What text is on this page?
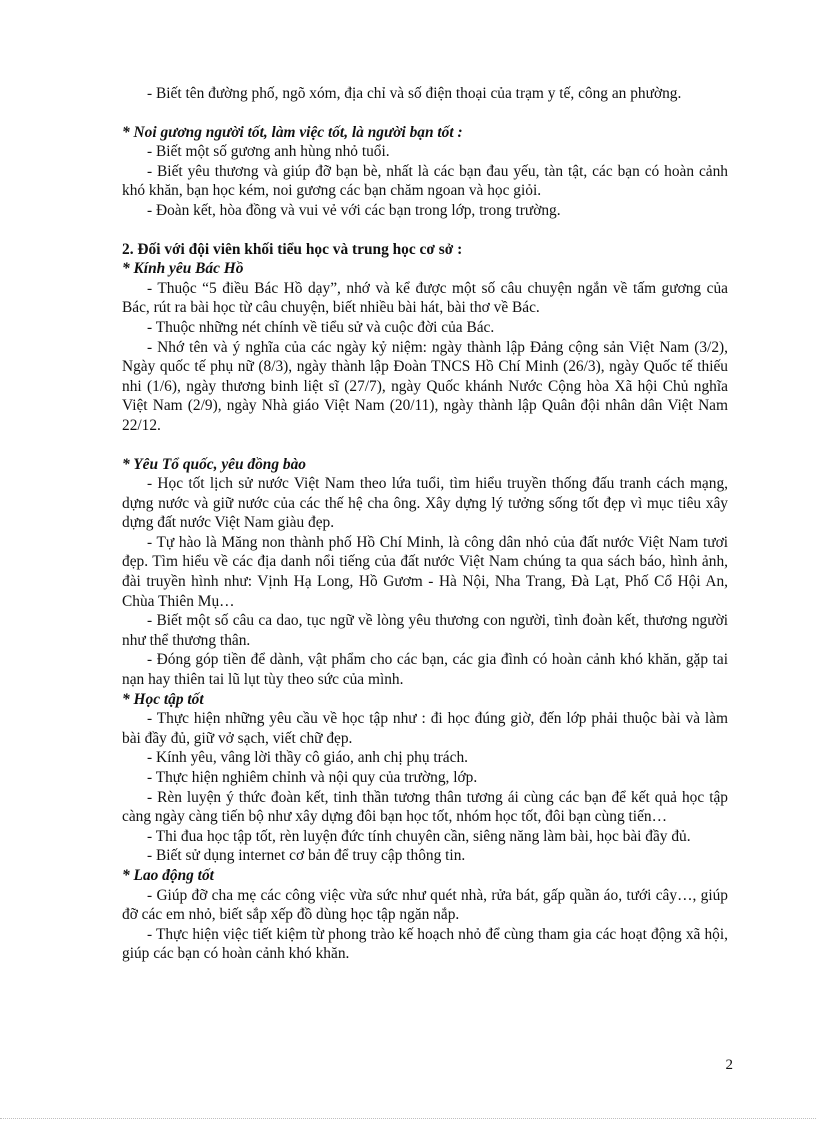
- Biết tên đường phố, ngõ xóm, địa chỉ và số điện thoại của trạm y tế, công an phường.

* Noi gương người tốt, làm việc tốt, là người bạn tốt :

- Biết một số gương anh hùng nhỏ tuổi.

- Biết yêu thương và giúp đỡ bạn bè, nhất là các bạn đau yếu, tàn tật, các bạn có hoàn cảnh khó khăn, bạn học kém, noi gương các bạn chăm ngoan và học giỏi.

- Đoàn kết, hòa đồng và vui vẻ với các bạn trong lớp, trong trường.

2. Đối với đội viên khối tiểu học và trung học cơ sở :

* Kính yêu Bác Hồ

- Thuộc “5 điều Bác Hồ dạy”, nhớ và kể được một số câu chuyện ngắn về tấm gương của Bác, rút ra bài học từ câu chuyện, biết nhiều bài hát, bài thơ về Bác.

- Thuộc những nét chính về tiểu sử và cuộc đời của Bác.

- Nhớ tên và ý nghĩa của các ngày kỷ niệm: ngày thành lập Đảng cộng sản Việt Nam (3/2), Ngày quốc tế phụ nữ (8/3), ngày thành lập Đoàn TNCS Hồ Chí Minh (26/3), ngày Quốc tế thiếu nhi (1/6), ngày thương binh liệt sĩ (27/7), ngày Quốc khánh Nước Cộng hòa Xã hội Chủ nghĩa Việt Nam (2/9), ngày Nhà giáo Việt Nam (20/11), ngày thành lập Quân đội nhân dân Việt Nam 22/12.

* Yêu Tổ quốc, yêu đồng bào

- Học tốt lịch sử nước Việt Nam theo lứa tuổi, tìm hiểu truyền thống đấu tranh cách mạng, dựng nước và giữ nước của các thế hệ cha ông. Xây dựng lý tưởng sống tốt đẹp vì mục tiêu xây dựng đất nước Việt Nam giàu đẹp.

- Tự hào là Măng non thành phố Hồ Chí Minh, là công dân nhỏ của đất nước Việt Nam tươi đẹp. Tìm hiểu về các địa danh nổi tiếng của đất nước Việt Nam chúng ta qua sách báo, hình ảnh, đài truyền hình như: Vịnh Hạ Long, Hồ Gươm - Hà Nội, Nha Trang, Đà Lạt, Phố Cổ Hội An, Chùa Thiên Mụ…

- Biết một số câu ca dao, tục ngữ về lòng yêu thương con người, tình đoàn kết, thương người như thể thương thân.

- Đóng góp tiền để dành, vật phẩm cho các bạn, các gia đình có hoàn cảnh khó khăn, gặp tai nạn hay thiên tai lũ lụt tùy theo sức của mình.

* Học tập tốt

- Thực hiện những yêu cầu về học tập như : đi học đúng giờ, đến lớp phải thuộc bài và làm bài đầy đủ, giữ vở sạch, viết chữ đẹp.

- Kính yêu, vâng lời thầy cô giáo, anh chị phụ trách.

- Thực hiện nghiêm chỉnh và nội quy của trường, lớp.

- Rèn luyện ý thức đoàn kết, tinh thần tương thân tương ái cùng các bạn để kết quả học tập càng ngày càng tiến bộ như xây dựng đôi bạn học tốt, nhóm học tốt, đôi bạn cùng tiến…

- Thi đua học tập tốt, rèn luyện đức tính chuyên cần, siêng năng làm bài, học bài đầy đủ.

- Biết sử dụng internet cơ bản để truy cập thông tin.

* Lao động tốt

- Giúp đỡ cha mẹ các công việc vừa sức như quét nhà, rửa bát, gấp quần áo, tưới cây…, giúp đỡ các em nhỏ, biết sắp xếp đồ dùng học tập ngăn nắp.

- Thực hiện việc tiết kiệm từ phong trào kế hoạch nhỏ để cùng tham gia các hoạt động xã hội, giúp các bạn có hoàn cảnh khó khăn.

2
